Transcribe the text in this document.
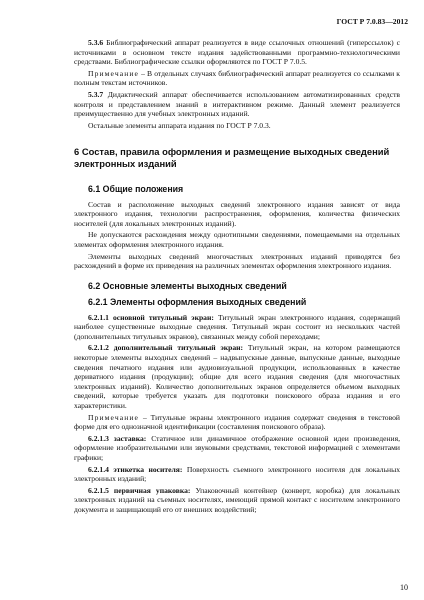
ГОСТ Р 7.0.83—2012

5.3.6 Библиографический аппарат реализуется в виде ссылочных отношений (гиперссылок) с источниками в основном тексте издания задействованными программно-технологическими средствами. Библиографические ссылки оформляются по ГОСТ Р 7.0.5.

Примечание – В отдельных случаях библиографический аппарат реализуется со ссылками к полным текстам источников.

5.3.7 Дидактический аппарат обеспечивается использованием автоматизированных средств контроля и представлением знаний в интерактивном режиме. Данный элемент реализуется преимущественно для учебных электронных изданий.

Остальные элементы аппарата издания по ГОСТ Р 7.0.3.

6 Состав, правила оформления и размещение выходных сведений электронных изданий

6.1 Общие положения

Состав и расположение выходных сведений электронного издания зависят от вида электронного издания, технологии распространения, оформления, количества физических носителей (для локальных электронных изданий).

Не допускаются расхождения между однотипными сведениями, помещаемыми на отдельных элементах оформления электронного издания.

Элементы выходных сведений многочастных электронных изданий приводятся без расхождений в форме их приведения на различных элементах оформления электронного издания.

6.2 Основные элементы выходных сведений

6.2.1 Элементы оформления выходных сведений

6.2.1.1 основной титульный экран: Титульный экран электронного издания, содержащий наиболее существенные выходные сведения. Титульный экран состоит из нескольких частей (дополнительных титульных экранов), связанных между собой переходами;

6.2.1.2 дополнительный титульный экран: Титульный экран, на котором размещаются некоторые элементы выходных сведений – надвыпускные данные, выпускные данные, выходные сведения печатного издания или аудиовизуальной продукции, использованных в качестве дериватного издания (продукции); общие для всего издания сведения (для многочастных электронных изданий). Количество дополнительных экранов определяется объемом выходных сведений, которые требуется указать для подготовки поискового образа издания и его характеристики.

Примечание – Титульные экраны электронного издания содержат сведения в текстовой форме для его однозначной идентификации (составления поискового образа).

6.2.1.3 заставка: Статичное или динамичное отображение основной идеи произведения, оформление изобразительными или звуковыми средствами, текстовой информацией с элементами графики;

6.2.1.4 этикетка носителя: Поверхность съемного электронного носителя для локальных электронных изданий;

6.2.1.5 первичная упаковка: Упаковочный контейнер (конверт, коробка) для локальных электронных изданий на съемных носителях, имеющий прямой контакт с носителем электронного документа и защищающий его от внешних воздействий;

10
